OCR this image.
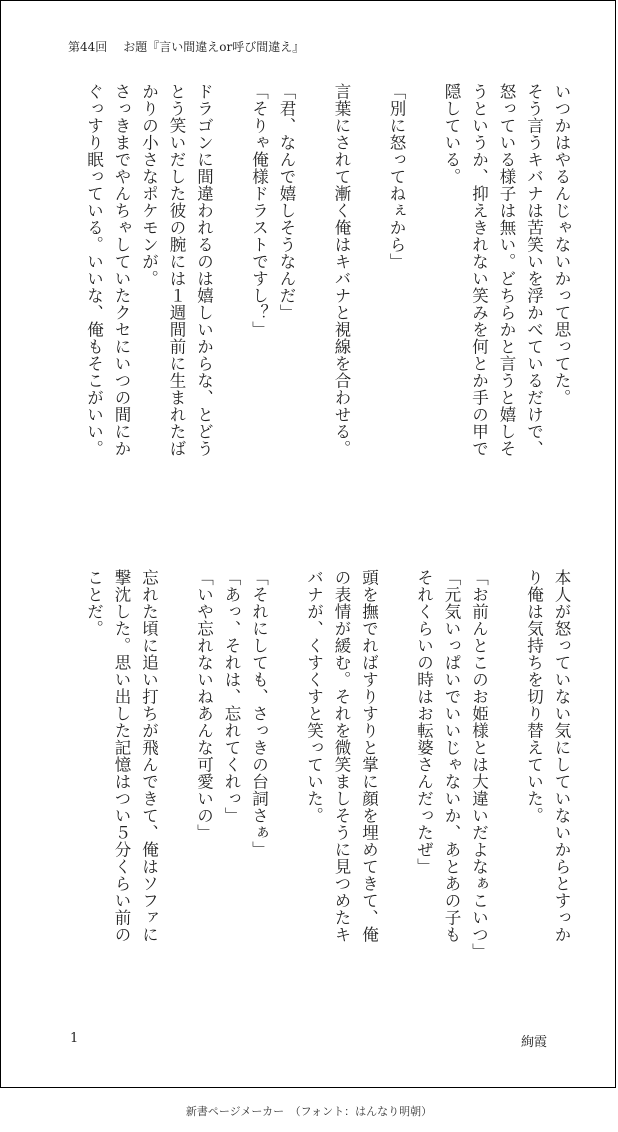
第44回 お題『言い間違えor呼び間違え』
いつかはやるんじゃないかって思ってた。
そう言うキバナは苦笑いを浮かべているだけで、
怒っている様子は無い。どちらかと言うと嬉しそ
うというか、抑えきれない笑みを何とか手の甲で
隠している。

「別に怒ってねぇから」

言葉にされて漸く俺はキバナと視線を合わせる。

「君、なんで嬉しそうなんだ」
「そりゃ俺様ドラストですし？」

ドラゴンに間違われるのは嬉しいからな、とどう
とう笑いだした彼の腕には１週間前に生まれたば
かりの小さなポケモンが。
さっきまでやんちゃしていたクセにいつの間にか
ぐっすり眠っている。いいな、俺もそこがいい。
本人が怒っていない気にしていないからとすっか
り俺は気持ちを切り替えていた。

「お前んとこのお姫様とは大違いだよなぁこいつ」
「元気いっぱいでいいじゃないか、あとあの子も
それくらいの時はお転婆さんだったぜ」

頭を撫でればすりすりと掌に顔を埋めてきて、俺
の表情が緩む。それを微笑ましそうに見つめたキ
バナが、くすくすと笑っていた。

「それにしても、さっきの台詞さぁ」
「あっ、それは、忘れてくれっ」
「いや忘れないねあんな可愛いの」

忘れた頃に追い打ちが飛んできて、俺はソファに
撃沈した。思い出した記憶はつい５分くらい前の
ことだ。
1	絢霞
新書ページメーカー　（フォント：はんなり明朝）
